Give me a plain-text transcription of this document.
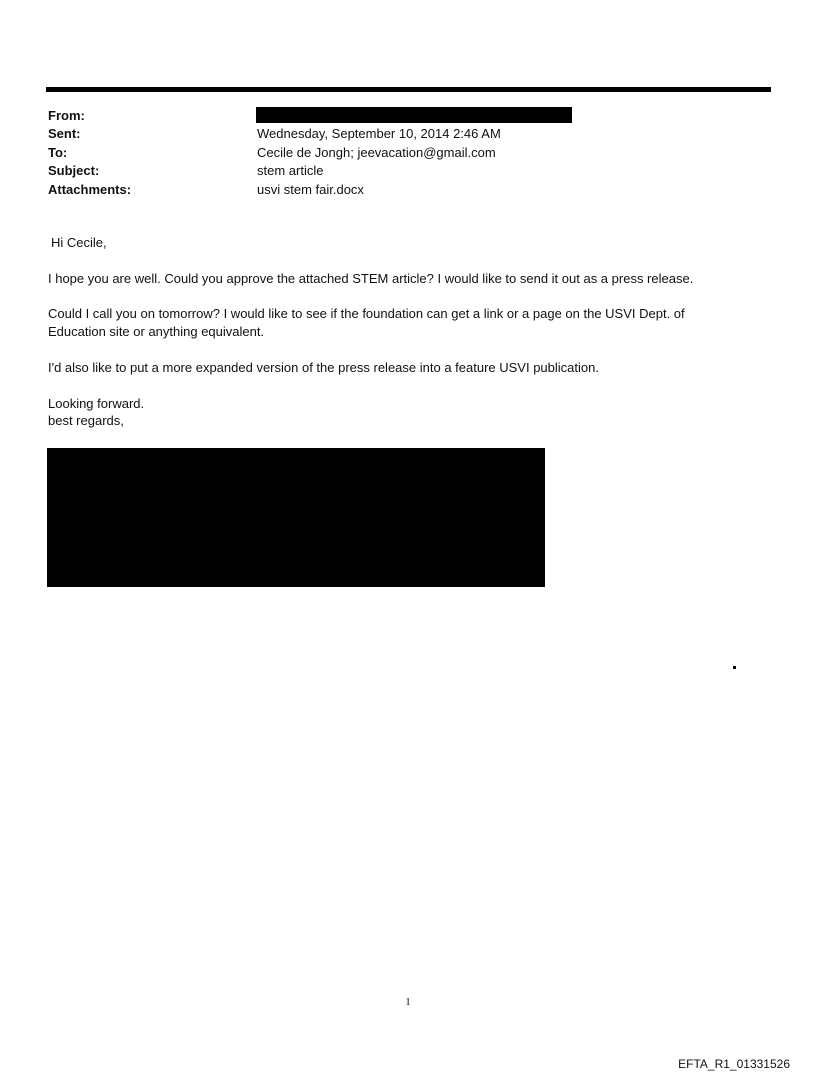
From:
Sent:	Wednesday, September 10, 2014 2:46 AM
To:	Cecile de Jongh; jeevacation@gmail.com
Subject:	stem article
Attachments:	usvi stem fair.docx
Hi Cecile,
I hope you are well. Could you approve the attached STEM article? I would like to send it out as a press release.
Could I call you on tomorrow? I would like to see if the foundation can get a link or a page on the USVI Dept. of
Education site or anything equivalent.
I'd also like to put a more expanded version of the press release into a feature USVI publication.
Looking forward.
best regards,
1
EFTA_R1_01331526
